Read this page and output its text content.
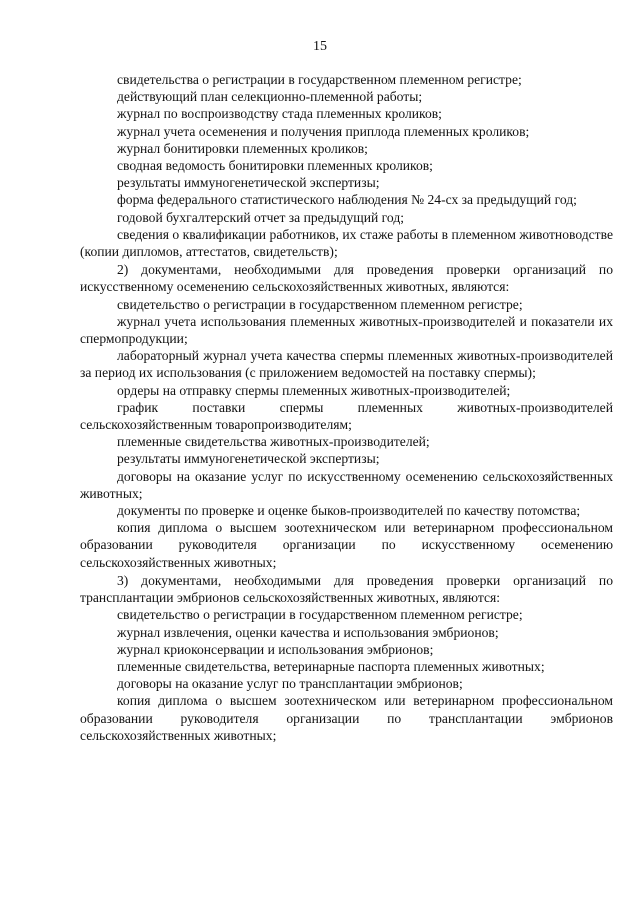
15

свидетельства о регистрации в государственном племенном регистре;

действующий план селекционно-племенной работы;

журнал по воспроизводству стада племенных кроликов;

журнал учета осеменения и получения приплода племенных кроликов;

журнал бонитировки племенных кроликов;

сводная ведомость бонитировки племенных кроликов;

результаты иммуногенетической экспертизы;

форма федерального статистического наблюдения № 24-сх за предыдущий год;

годовой бухгалтерский отчет за предыдущий год;

сведения о квалификации работников, их стаже работы в племенном животноводстве (копии дипломов, аттестатов, свидетельств);

2) документами, необходимыми для проведения проверки организаций по искусственному осеменению сельскохозяйственных животных, являются:

свидетельство о регистрации в государственном племенном регистре;

журнал учета использования племенных животных-производителей и показатели их спермопродукции;

лабораторный журнал учета качества спермы племенных животных-производителей за период их использования (с приложением ведомостей на поставку спермы);

ордеры на отправку спермы племенных животных-производителей;

график поставки спермы племенных животных-производителей сельскохозяйственным товаропроизводителям;

племенные свидетельства животных-производителей;

результаты иммуногенетической экспертизы;

договоры на оказание услуг по искусственному осеменению сельскохозяйственных животных;

документы по проверке и оценке быков-производителей по качеству потомства;

копия диплома о высшем зоотехническом или ветеринарном профессиональном образовании руководителя организации по искусственному осеменению сельскохозяйственных животных;

3) документами, необходимыми для проведения проверки организаций по трансплантации эмбрионов сельскохозяйственных животных, являются:

свидетельство о регистрации в государственном племенном регистре;

журнал извлечения, оценки качества и использования эмбрионов;

журнал криоконсервации и использования эмбрионов;

племенные свидетельства, ветеринарные паспорта племенных животных;

договоры на оказание услуг по трансплантации эмбрионов;

копия диплома о высшем зоотехническом или ветеринарном профессиональном образовании руководителя организации по трансплантации эмбрионов сельскохозяйственных животных;
